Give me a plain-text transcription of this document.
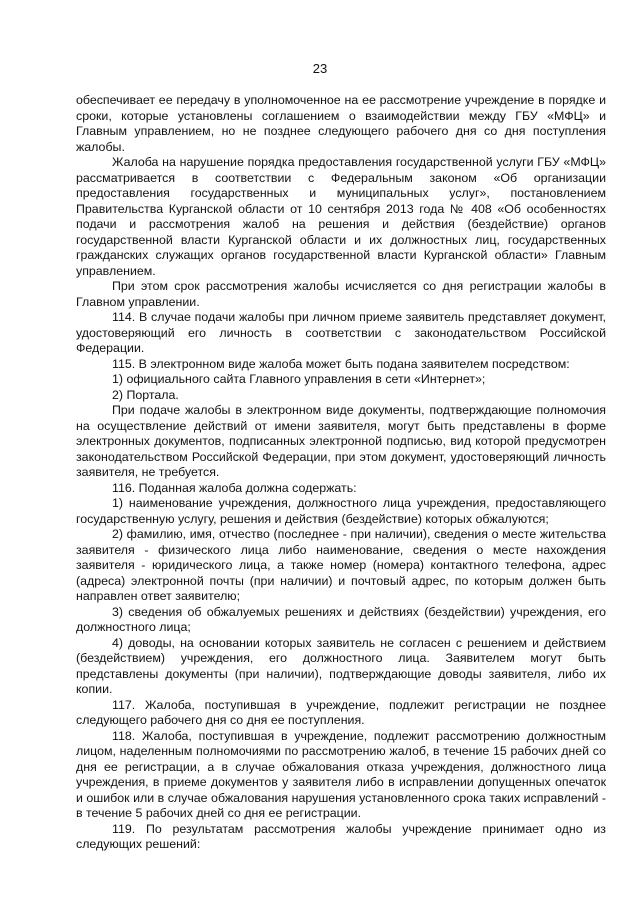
23

обеспечивает ее передачу в уполномоченное на ее рассмотрение учреждение в порядке и сроки, которые установлены соглашением о взаимодействии между ГБУ «МФЦ» и Главным управлением, но не позднее следующего рабочего дня со дня поступления жалобы.

Жалоба на нарушение порядка предоставления государственной услуги ГБУ «МФЦ» рассматривается в соответствии с Федеральным законом «Об организации предоставления государственных и муниципальных услуг», постановлением Правительства Курганской области от 10 сентября 2013 года № 408 «Об особенностях подачи и рассмотрения жалоб на решения и действия (бездействие) органов государственной власти Курганской области и их должностных лиц, государственных гражданских служащих органов государственной власти Курганской области» Главным управлением.

При этом срок рассмотрения жалобы исчисляется со дня регистрации жалобы в Главном управлении.

114. В случае подачи жалобы при личном приеме заявитель представляет документ, удостоверяющий его личность в соответствии с законодательством Российской Федерации.

115. В электронном виде жалоба может быть подана заявителем посредством:

1) официального сайта Главного управления в сети «Интернет»;

2) Портала.

При подаче жалобы в электронном виде документы, подтверждающие полномочия на осуществление действий от имени заявителя, могут быть представлены в форме электронных документов, подписанных электронной подписью, вид которой предусмотрен законодательством Российской Федерации, при этом документ, удостоверяющий личность заявителя, не требуется.

116. Поданная жалоба должна содержать:

1) наименование учреждения, должностного лица учреждения, предоставляющего государственную услугу, решения и действия (бездействие) которых обжалуются;

2) фамилию, имя, отчество (последнее - при наличии), сведения о месте жительства заявителя - физического лица либо наименование, сведения о месте нахождения заявителя - юридического лица, а также номер (номера) контактного телефона, адрес (адреса) электронной почты (при наличии) и почтовый адрес, по которым должен быть направлен ответ заявителю;

3) сведения об обжалуемых решениях и действиях (бездействии) учреждения, его должностного лица;

4) доводы, на основании которых заявитель не согласен с решением и действием (бездействием) учреждения, его должностного лица. Заявителем могут быть представлены документы (при наличии), подтверждающие доводы заявителя, либо их копии.

117. Жалоба, поступившая в учреждение, подлежит регистрации не позднее следующего рабочего дня со дня ее поступления.

118. Жалоба, поступившая в учреждение, подлежит рассмотрению должностным лицом, наделенным полномочиями по рассмотрению жалоб, в течение 15 рабочих дней со дня ее регистрации, а в случае обжалования отказа учреждения, должностного лица учреждения, в приеме документов у заявителя либо в исправлении допущенных опечаток и ошибок или в случае обжалования нарушения установленного срока таких исправлений - в течение 5 рабочих дней со дня ее регистрации.

119. По результатам рассмотрения жалобы учреждение принимает одно из следующих решений:
